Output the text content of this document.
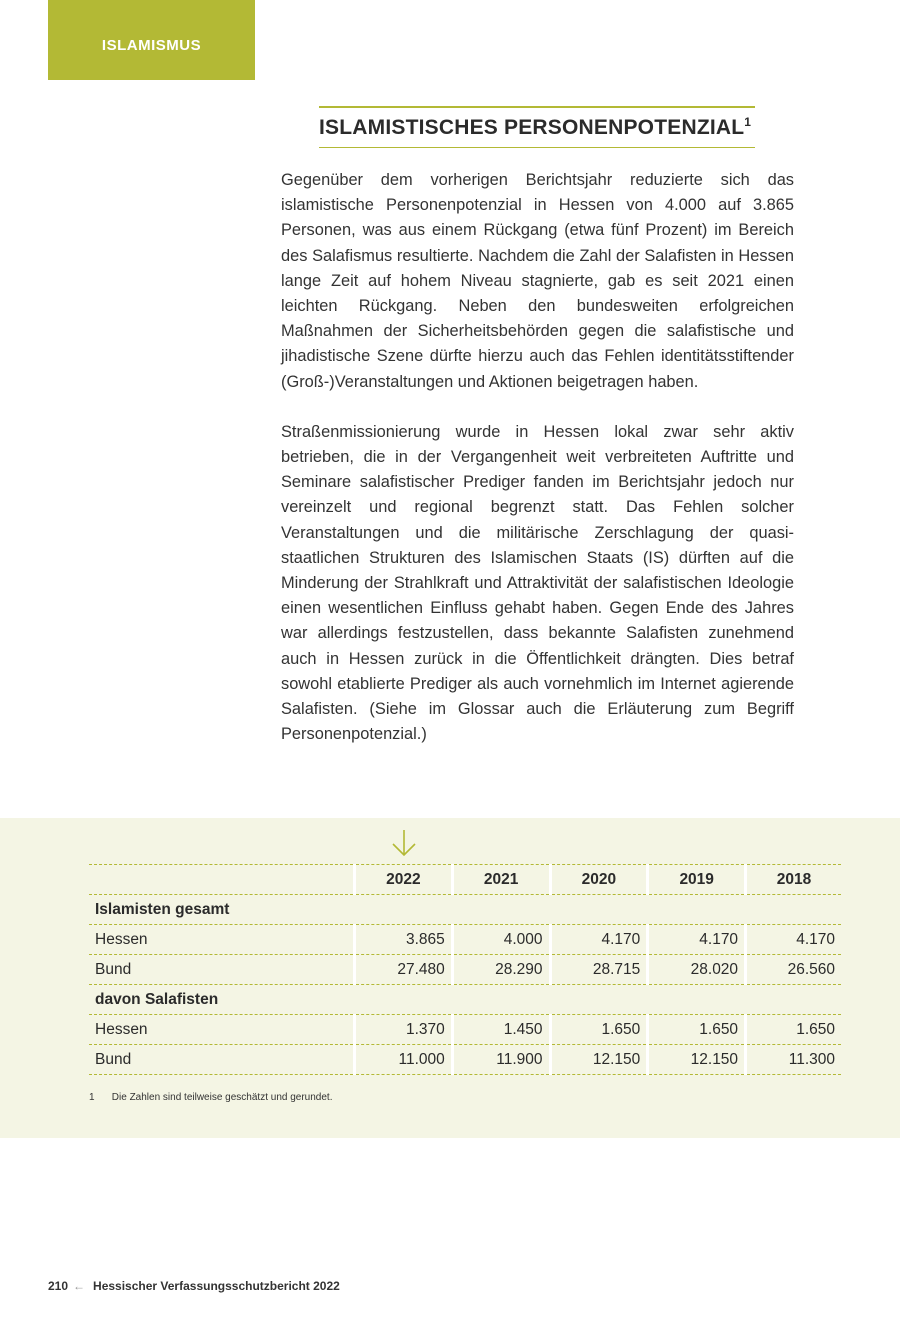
ISLAMISMUS
ISLAMISTISCHES PERSONENPOTENZIAL$^1$

Gegenüber dem vorherigen Berichtsjahr reduzierte sich das islamistische Personenpotenzial in Hessen von 4.000 auf 3.865 Personen, was aus einem Rückgang (etwa fünf Prozent) im Bereich des Salafismus resultierte. Nachdem die Zahl der Salafisten in Hessen lange Zeit auf hohem Niveau stagnierte, gab es seit 2021 einen leichten Rückgang. Neben den bundesweiten erfolgreichen Maßnahmen der Sicherheitsbehörden gegen die salafistische und jihadistische Szene dürfte hierzu auch das Fehlen identitätsstiftender (Groß-)Veranstaltungen und Aktionen beigetragen haben.

Straßenmissionierung wurde in Hessen lokal zwar sehr aktiv betrieben, die in der Vergangenheit weit verbreiteten Auftritte und Seminare salafistischer Prediger fanden im Berichtsjahr jedoch nur vereinzelt und regional begrenzt statt. Das Fehlen solcher Veranstaltungen und die militärische Zerschlagung der quasi-staatlichen Strukturen des Islamischen Staats (IS) dürften auf die Minderung der Strahlkraft und Attraktivität der salafistischen Ideologie einen wesentlichen Einfluss gehabt haben. Gegen Ende des Jahres war allerdings festzustellen, dass bekannte Salafisten zunehmend auch in Hessen zurück in die Öffentlichkeit drängten. Dies betraf sowohl etablierte Prediger als auch vornehmlich im Internet agierende Salafisten. (Siehe im Glossar auch die Erläuterung zum Begriff Personenpotenzial.)

	2022	2021	2020	2019	2018
Islamisten gesamt					
Hessen	3.865	4.000	4.170	4.170	4.170
Bund	27.480	28.290	28.715	28.020	26.560
davon Salafisten					
Hessen	1.370	1.450	1.650	1.650	1.650
Bund	11.000	11.900	12.150	12.150	11.300
1 Die Zahlen sind teilweise geschätzt und gerundet.
210 ← Hessischer Verfassungsschutzbericht 2022
